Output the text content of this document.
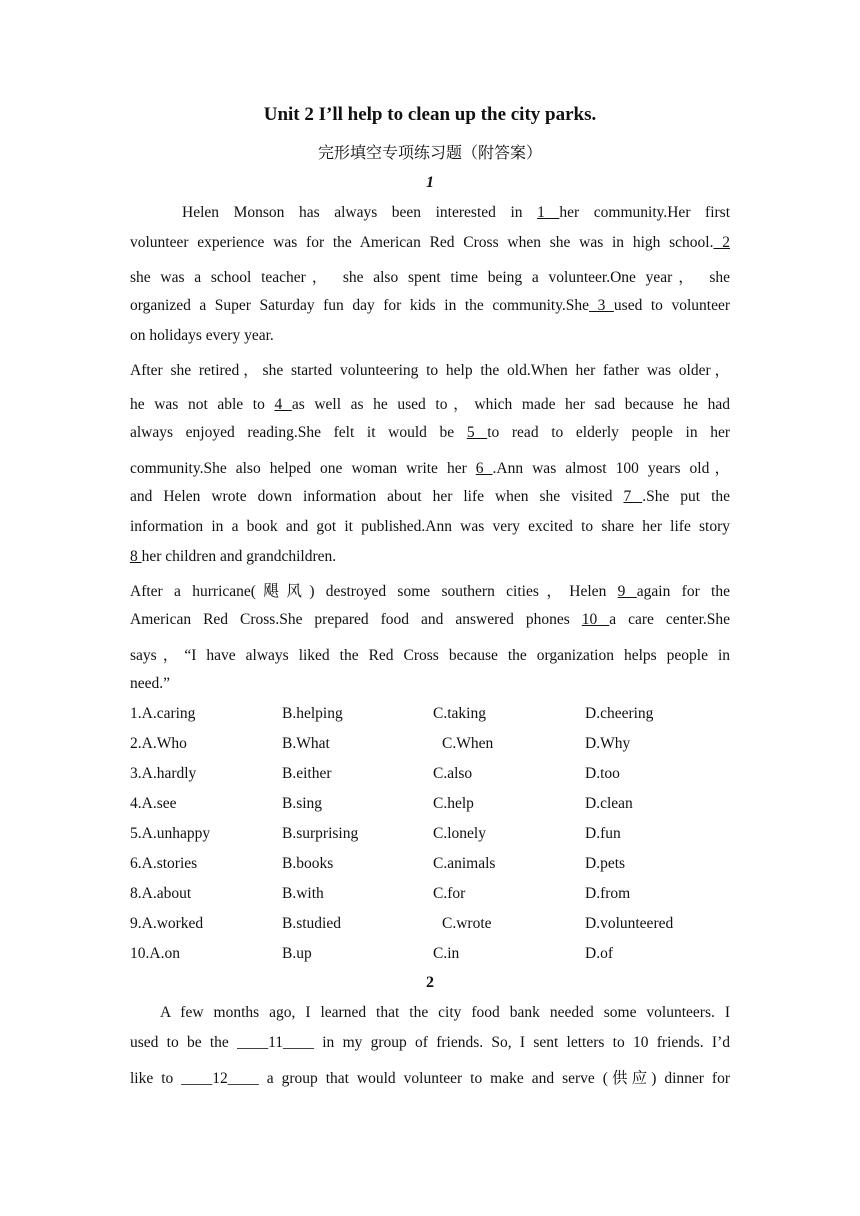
Unit 2 I’ll help to clean up the city parks.
完形填空专项练习题（附答案）
1
Helen Monson has always been interested in 1 her community.Her first
volunteer experience was for the American Red Cross when she was in high school. 2
she was a school teacher， she also spent time being a volunteer.One year， she
organized a Super Saturday fun day for kids in the community.She 3 used to volunteer
on holidays every year.
After she retired，she started volunteering to help the old.When her father was older，
he was not able to 4 as well as he used to，which made her sad because he had
always enjoyed reading.She felt it would be 5 to read to elderly people in her
community.She also helped one woman write her 6 .Ann was almost 100 years old，
and Helen wrote down information about her life when she visited 7 .She put the
information in a book and got it published.Ann was very excited to share her life story
8 her children and grandchildren.
After a hurricane(飓风) destroyed some southern cities，Helen 9 again for the
American Red Cross.She prepared food and answered phones 10 a care center.She
says，“I have always liked the Red Cross because the organization helps people in
need.”
1.A.caring	B.helping	C.taking	D.cheering
2.A.Who	B.What	C.When	D.Why
3.A.hardly	B.either	C.also	D.too
4.A.see	B.sing	C.help	D.clean
5.A.unhappy	B.surprising	C.lonely	D.fun
6.A.stories	B.books	C.animals	D.pets
8.A.about	B.with	C.for	D.from
9.A.worked	B.studied	C.wrote	D.volunteered
10.A.on	B.up	C.in	D.of
2
A few months ago, I learned that the city food bank needed some volunteers. I
used to be the ____11____ in my group of friends. So, I sent letters to 10 friends. I’d
like to ____12____ a group that would volunteer to make and serve (供应) dinner for
